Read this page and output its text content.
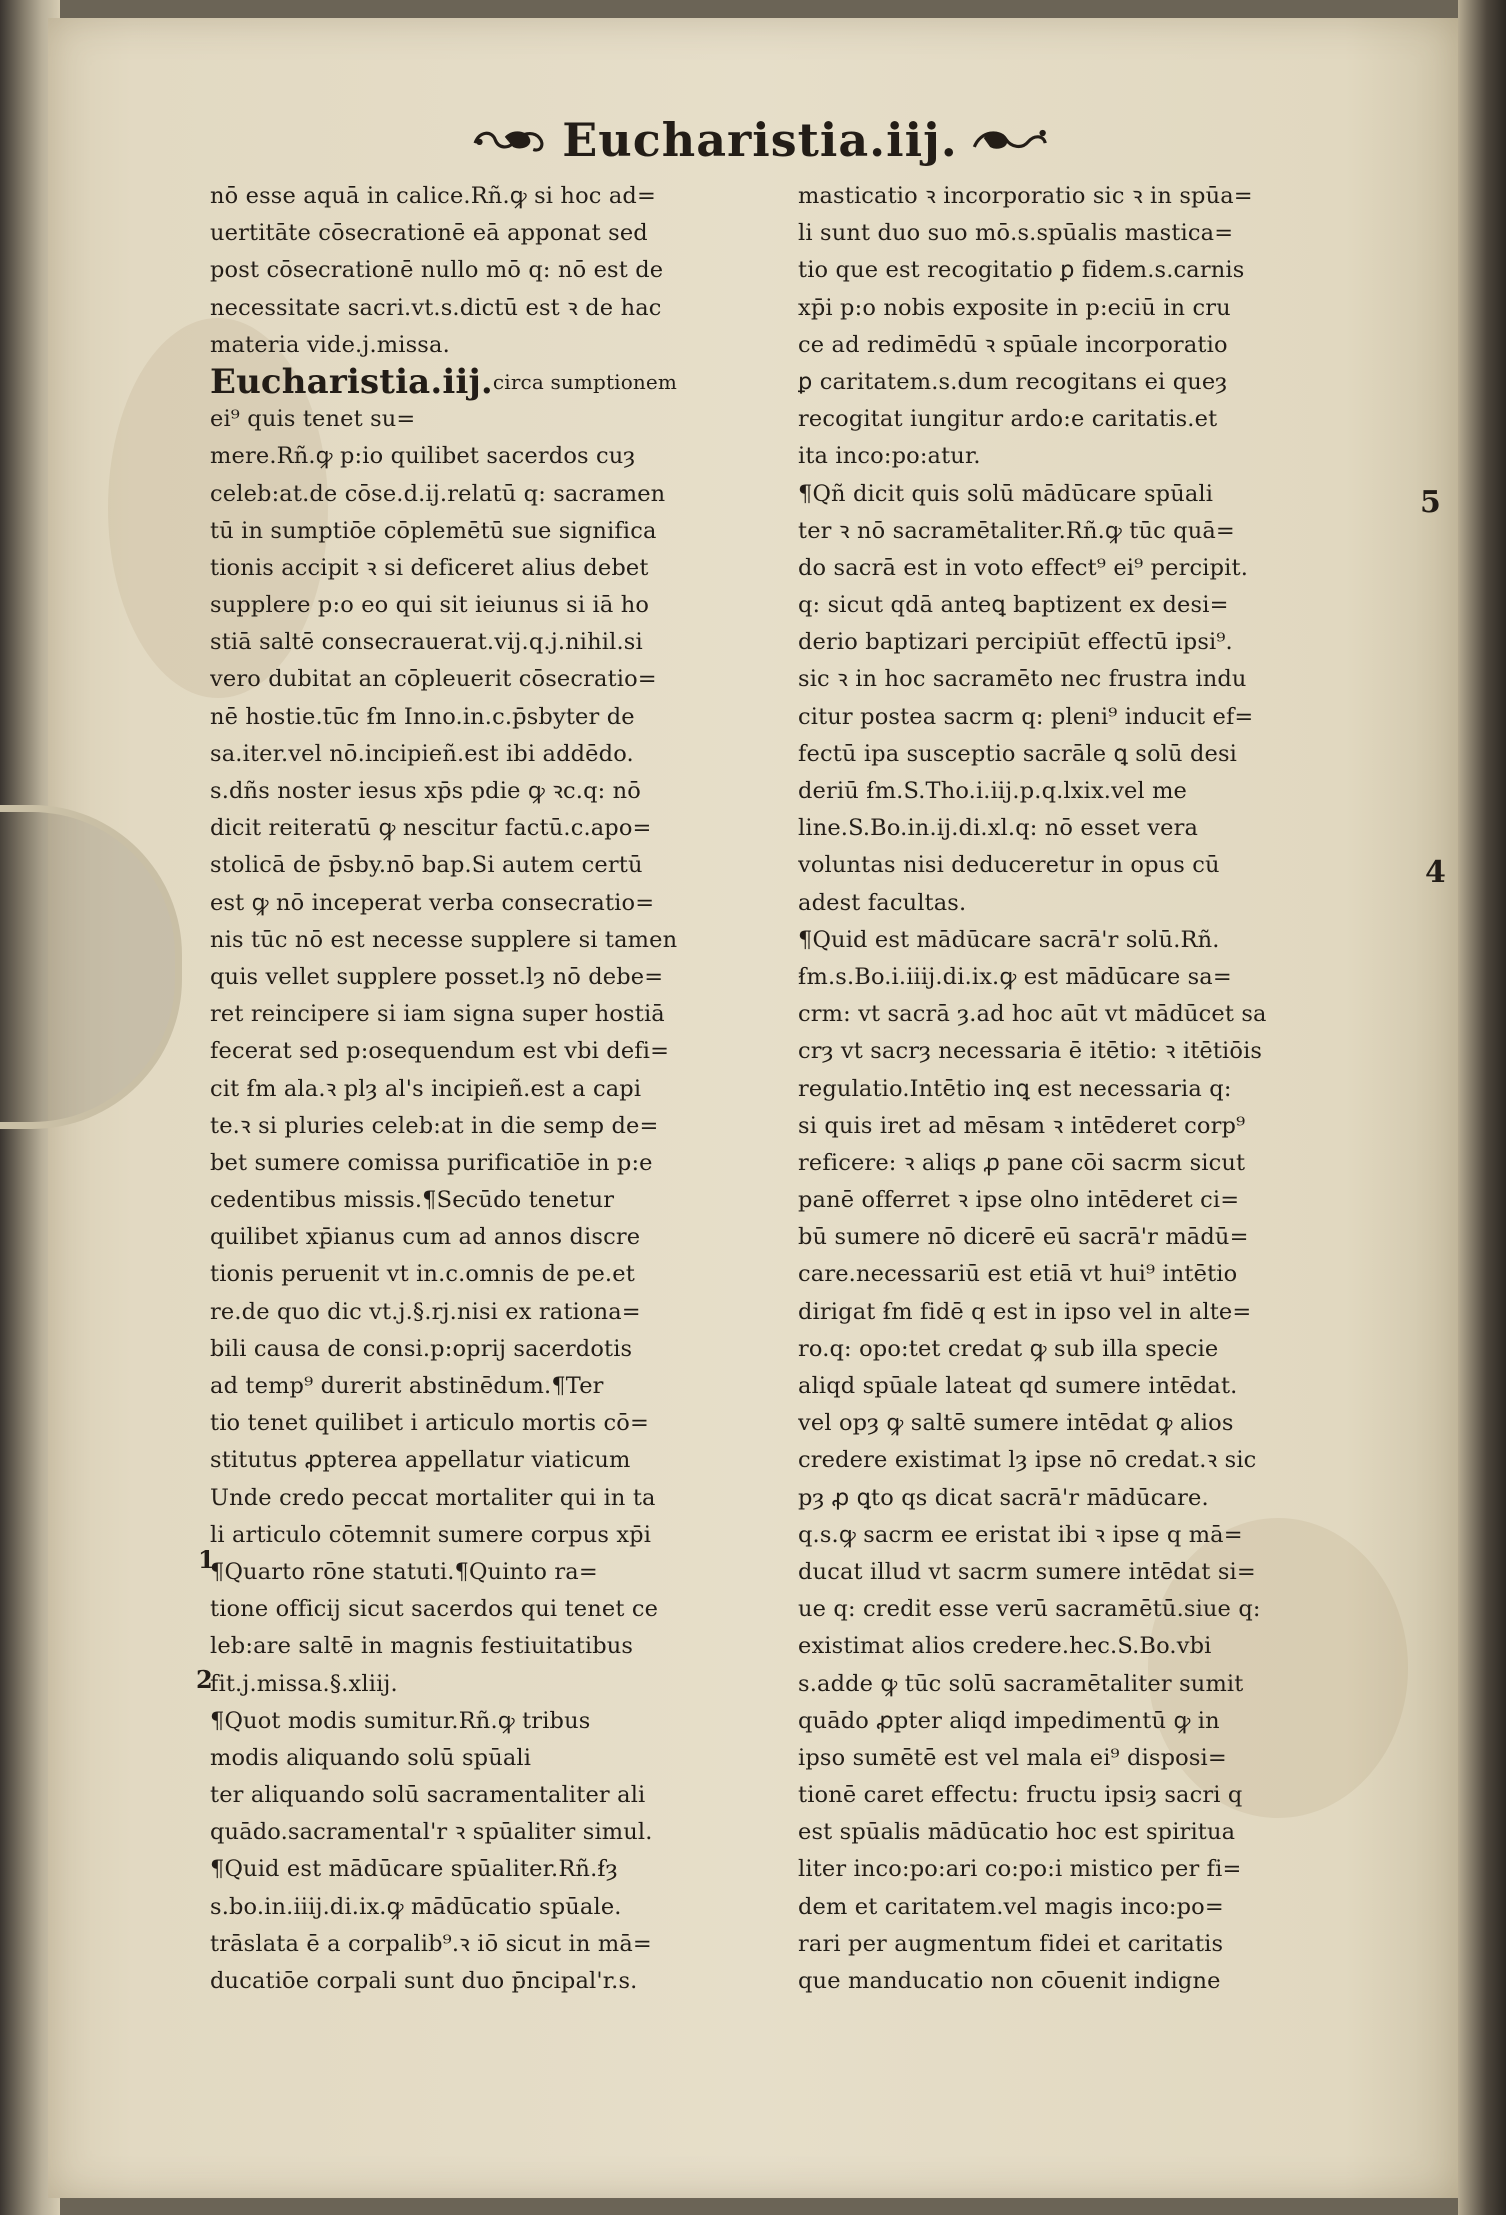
Eucharistia.iij.
nō esse aquā in calice.Rñ.ꝙ si hoc ad=
uertitāte cōsecrationē eā apponat sed
post cōsecrationē nullo mō q: nō est de
necessitate sacri.vt.s.dictū est ꝛ de hac
materia vide.j.missa.
Eucharistia.iij.circa sumptionem
ei⁹ quis tenet su=
mere.Rñ.ꝙ p:io quilibet sacerdos cuȝ
celeb:at.de cōse.d.ij.relatū q: sacramen
tū in sumptiōe cōplemētū sue significa
tionis accipit ꝛ si deficeret alius debet
supplere p:o eo qui sit ieiunus si iā ho
stiā saltē consecrauerat.vij.q.j.nihil.si
vero dubitat an cōpleuerit cōsecratio=
nē hostie.tūc ẜm Inno.in.c.p̄sbyter de
sa.iter.vel nō.incipieñ.est ibi addēdo.
s.dñs noster iesus xp̄s pdie ꝙ ꝛc.q: nō
dicit reiteratū ꝙ nescitur factū.c.apo=
stolicā de p̄sby.nō bap.Si autem certū
est ꝙ nō inceperat verba consecratio=
nis tūc nō est necesse supplere si tamen
quis vellet supplere posset.lȝ nō debe=
ret reincipere si iam signa super hostiā
fecerat sed p:osequendum est vbi defi=
cit ẜm ala.ꝛ plȝ al's incipieñ.est a capi
te.ꝛ si pluries celeb:at in die semp de=
bet sumere comissa purificatiōe in p:e
cedentibus missis.¶Secūdo tenetur
quilibet xp̄ianus cum ad annos discre
tionis peruenit vt in.c.omnis de pe.et
re.de quo dic vt.j.§.rj.nisi ex rationa=
bili causa de consi.p:oprij sacerdotis
ad temp⁹ durerit abstinēdum.¶Ter
tio tenet quilibet i articulo mortis cō=
stitutus ꝓpterea appellatur viaticum
Unde credo peccat mortaliter qui in ta
li articulo cōtemnit sumere corpus xp̄i
¶Quarto rōne statuti.¶Quinto ra=
tione officij sicut sacerdos qui tenet ce
leb:are saltē in magnis festiuitatibus
fit.j.missa.§.xliij.
¶Quot modis sumitur.Rñ.ꝙ tribus
modis aliquando solū spūali
ter aliquando solū sacramentaliter ali
quādo.sacramental'r ꝛ spūaliter simul.
¶Quid est mādūcare spūaliter.Rñ.ẜȝ
s.bo.in.iiij.di.ix.ꝙ mādūcatio spūale.
trāslata ē a corpalib⁹.ꝛ iō sicut in mā=
ducatiōe corpali sunt duo p̄ncipal'r.s.
masticatio ꝛ incorporatio sic ꝛ in spūa=
li sunt duo suo mō.s.spūalis mastica=
tio que est recogitatio ꝑ fidem.s.carnis
xp̄i p:o nobis exposite in p:eciū in cru
ce ad redimēdū ꝛ spūale incorporatio
ꝑ caritatem.s.dum recogitans ei queȝ
recogitat iungitur ardo:e caritatis.et
ita inco:po:atur.
¶Qñ dicit quis solū mādūcare spūali
ter ꝛ nō sacramētaliter.Rñ.ꝙ tūc quā=
do sacrā est in voto effect⁹ ei⁹ percipit.
q: sicut qdā anteꝗ baptizent ex desi=
derio baptizari percipiūt effectū ipsi⁹.
sic ꝛ in hoc sacramēto nec frustra indu
citur postea sacrm q: pleni⁹ inducit ef=
fectū ipa susceptio sacrāle ꝗ solū desi
deriū ẜm.S.Tho.i.iij.p.q.lxix.vel me
line.S.Bo.in.ij.di.xl.q: nō esset vera
voluntas nisi deduceretur in opus cū
adest facultas.
¶Quid est mādūcare sacrā'r solū.Rñ.
ẜm.s.Bo.i.iiij.di.ix.ꝙ est mādūcare sa=
crm: vt sacrā ȝ.ad hoc aūt vt mādūcet sa
crȝ vt sacrȝ necessaria ē itētio: ꝛ itētiōis
regulatio.Intētio inꝗ est necessaria q:
si quis iret ad mēsam ꝛ intēderet corp⁹
reficere: ꝛ aliqs ꝓ pane cōi sacrm sicut
panē offerret ꝛ ipse olno intēderet ci=
bū sumere nō dicerē eū sacrā'r mādū=
care.necessariū est etiā vt hui⁹ intētio
dirigat ẜm fidē q est in ipso vel in alte=
ro.q: opo:tet credat ꝙ sub illa specie
aliqd spūale lateat qd sumere intēdat.
vel opȝ ꝙ saltē sumere intēdat ꝙ alios
credere existimat lȝ ipse nō credat.ꝛ sic
pȝ ꝓ ꝗto qs dicat sacrā'r mādūcare.
q.s.ꝙ sacrm ee eristat ibi ꝛ ipse q mā=
ducat illud vt sacrm sumere intēdat si=
ue q: credit esse verū sacramētū.siue q:
existimat alios credere.hec.S.Bo.vbi
s.adde ꝙ tūc solū sacramētaliter sumit
quādo ꝓpter aliqd impedimentū ꝙ in
ipso sumētē est vel mala ei⁹ disposi=
tionē caret effectu: fructu ipsiȝ sacri q
est spūalis mādūcatio hoc est spiritua
liter inco:po:ari co:po:i mistico per fi=
dem et caritatem.vel magis inco:po=
rari per augmentum fidei et caritatis
que manducatio non cōuenit indigne
5
4
1
2
